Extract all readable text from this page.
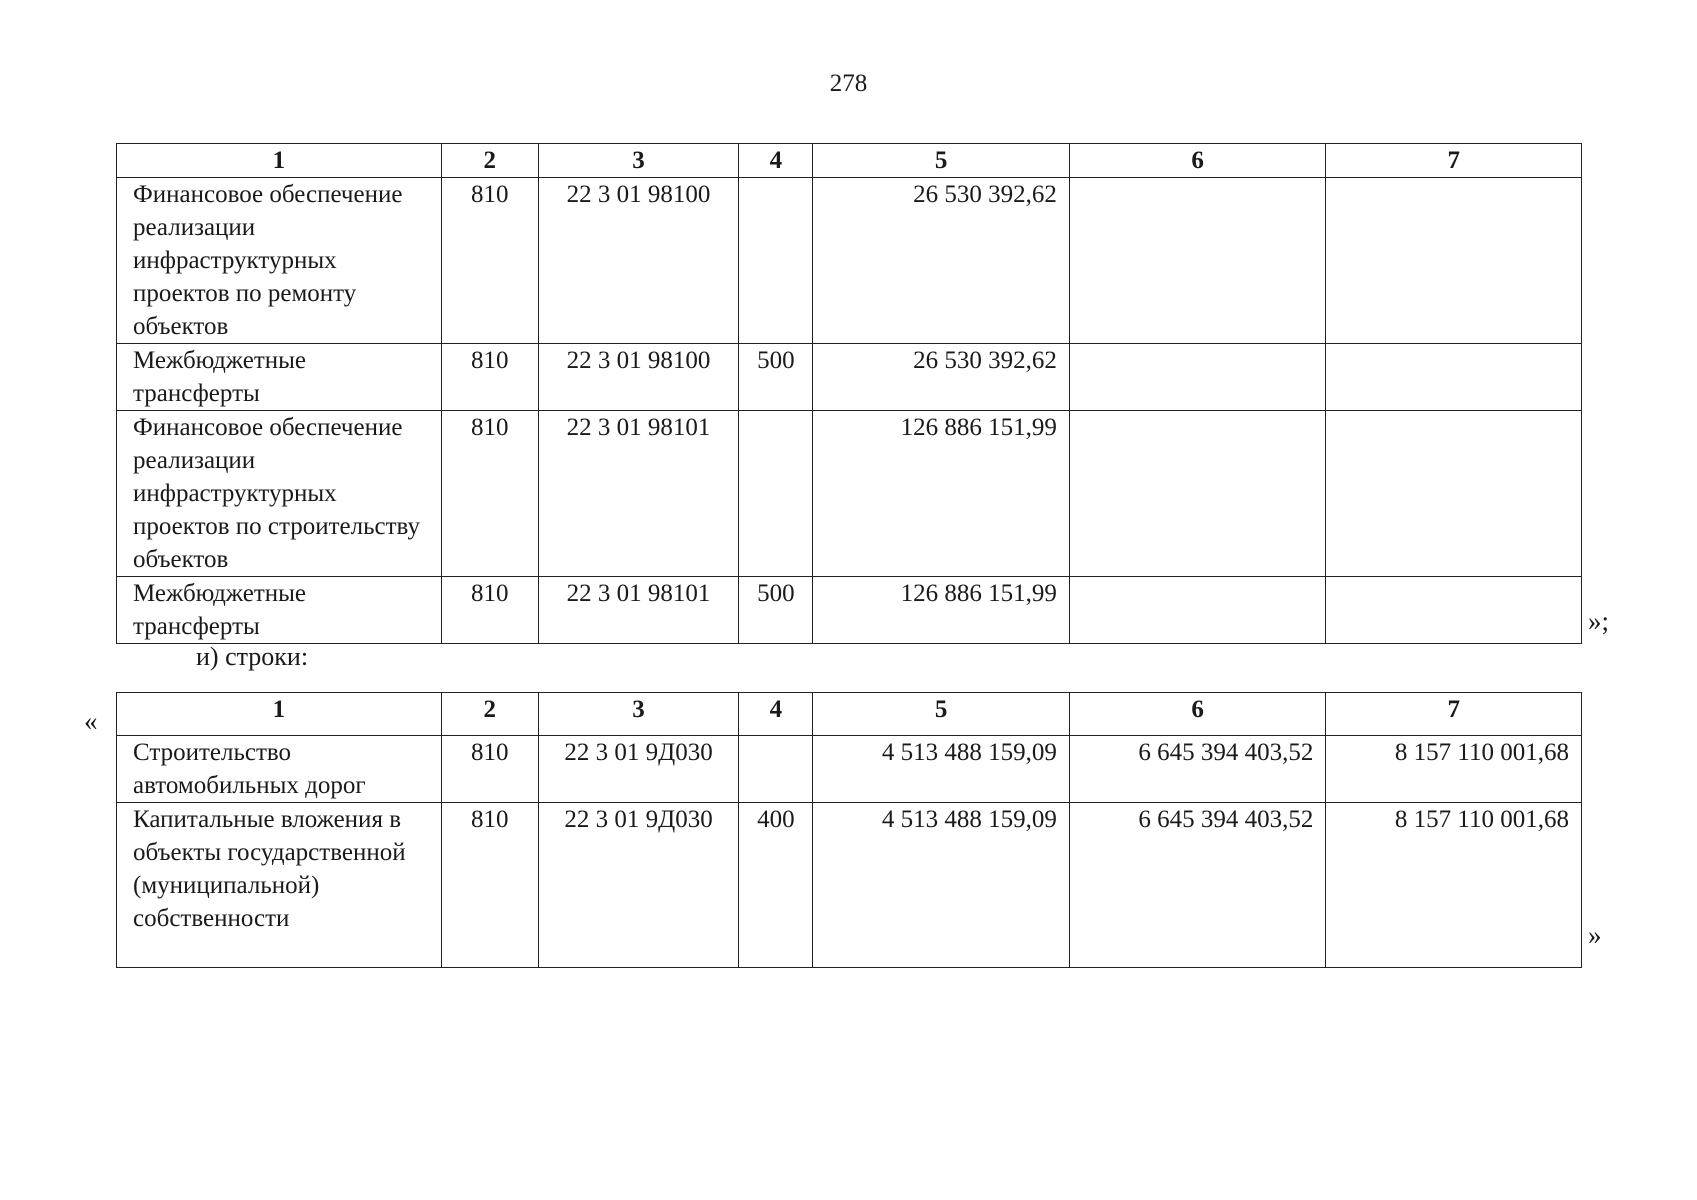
278
1	2	3	4	5	6	7
Финансовое обеспечение реализации инфраструктурных проектов по ремонту объектов	810	22 3 01 98100		26 530 392,62		
Межбюджетные трансферты	810	22 3 01 98100	500	26 530 392,62		
Финансовое обеспечение реализации инфраструктурных проектов по строительству объектов	810	22 3 01 98101		126 886 151,99		
Межбюджетные трансферты	810	22 3 01 98101	500	126 886 151,99		
»;
и) строки:
«	1	2	3	4	5	6	7
Строительство автомобильных дорог	810	22 3 01 9Д030		4 513 488 159,09	6 645 394 403,52	8 157 110 001,68
Капитальные вложения в объекты государственной (муниципальной) собственности	810	22 3 01 9Д030	400	4 513 488 159,09	6 645 394 403,52	8 157 110 001,68
»
